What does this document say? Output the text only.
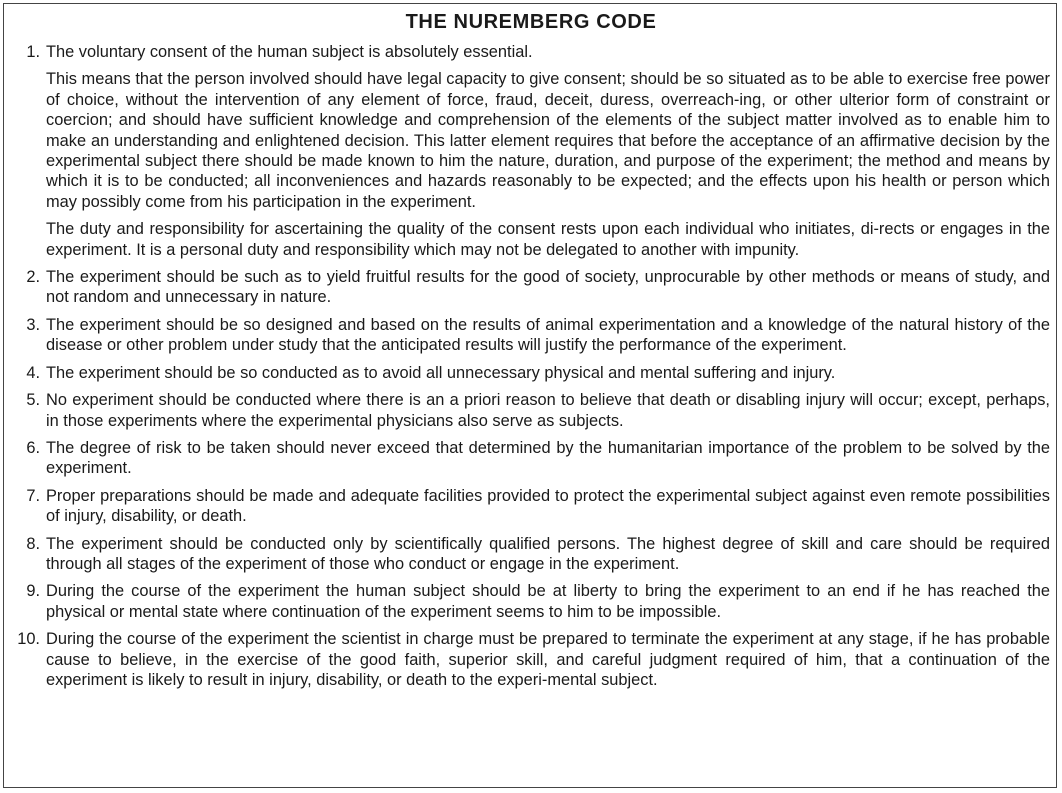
THE NUREMBERG CODE
1. The voluntary consent of the human subject is absolutely essential.

This means that the person involved should have legal capacity to give consent; should be so situated as to be able to exercise free power of choice, without the intervention of any element of force, fraud, deceit, duress, overreach-ing, or other ulterior form of constraint or coercion; and should have sufficient knowledge and comprehension of the elements of the subject matter involved as to enable him to make an understanding and enlightened decision. This latter element requires that before the acceptance of an affirmative decision by the experimental subject there should be made known to him the nature, duration, and purpose of the experiment; the method and means by which it is to be conducted; all inconveniences and hazards reasonably to be expected; and the effects upon his health or person which may possibly come from his participation in the experiment.

The duty and responsibility for ascertaining the quality of the consent rests upon each individual who initiates, di-rects or engages in the experiment. It is a personal duty and responsibility which may not be delegated to another with impunity.

2. The experiment should be such as to yield fruitful results for the good of society, unprocurable by other methods or means of study, and not random and unnecessary in nature.

3. The experiment should be so designed and based on the results of animal experimentation and a knowledge of the natural history of the disease or other problem under study that the anticipated results will justify the performance of the experiment.

4. The experiment should be so conducted as to avoid all unnecessary physical and mental suffering and injury.

5. No experiment should be conducted where there is an a priori reason to believe that death or disabling injury will occur; except, perhaps, in those experiments where the experimental physicians also serve as subjects.

6. The degree of risk to be taken should never exceed that determined by the humanitarian importance of the problem to be solved by the experiment.

7. Proper preparations should be made and adequate facilities provided to protect the experimental subject against even remote possibilities of injury, disability, or death.

8. The experiment should be conducted only by scientifically qualified persons. The highest degree of skill and care should be required through all stages of the experiment of those who conduct or engage in the experiment.

9. During the course of the experiment the human subject should be at liberty to bring the experiment to an end if he has reached the physical or mental state where continuation of the experiment seems to him to be impossible.

10. During the course of the experiment the scientist in charge must be prepared to terminate the experiment at any stage, if he has probable cause to believe, in the exercise of the good faith, superior skill, and careful judgment required of him, that a continuation of the experiment is likely to result in injury, disability, or death to the experi-mental subject.
